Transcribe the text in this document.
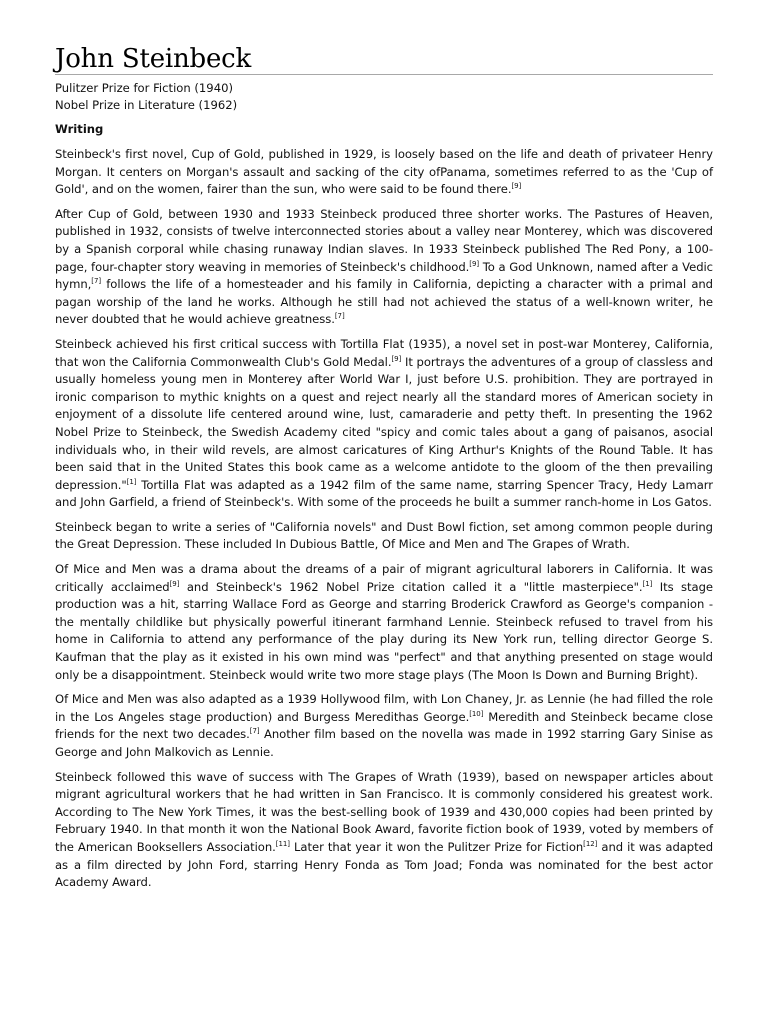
John Steinbeck

Pulitzer Prize for Fiction (1940)

Nobel Prize in Literature (1962)

Writing

Steinbeck's first novel, Cup of Gold, published in 1929, is loosely based on the life and death of privateer Henry Morgan. It centers on Morgan's assault and sacking of the city ofPanama, sometimes referred to as the 'Cup of Gold', and on the women, fairer than the sun, who were said to be found there.[9]

After Cup of Gold, between 1930 and 1933 Steinbeck produced three shorter works. The Pastures of Heaven, published in 1932, consists of twelve interconnected stories about a valley near Monterey, which was discovered by a Spanish corporal while chasing runaway Indian slaves. In 1933 Steinbeck published The Red Pony, a 100-page, four-chapter story weaving in memories of Steinbeck's childhood.[9] To a God Unknown, named after a Vedic hymn,[7] follows the life of a homesteader and his family in California, depicting a character with a primal and pagan worship of the land he works. Although he still had not achieved the status of a well-known writer, he never doubted that he would achieve greatness.[7]

Steinbeck achieved his first critical success with Tortilla Flat (1935), a novel set in post-war Monterey, California, that won the California Commonwealth Club's Gold Medal.[9] It portrays the adventures of a group of classless and usually homeless young men in Monterey after World War I, just before U.S. prohibition. They are portrayed in ironic comparison to mythic knights on a quest and reject nearly all the standard mores of American society in enjoyment of a dissolute life centered around wine, lust, camaraderie and petty theft. In presenting the 1962 Nobel Prize to Steinbeck, the Swedish Academy cited "spicy and comic tales about a gang of paisanos, asocial individuals who, in their wild revels, are almost caricatures of King Arthur's Knights of the Round Table. It has been said that in the United States this book came as a welcome antidote to the gloom of the then prevailing depression."[1] Tortilla Flat was adapted as a 1942 film of the same name, starring Spencer Tracy, Hedy Lamarr and John Garfield, a friend of Steinbeck's. With some of the proceeds he built a summer ranch-home in Los Gatos.

Steinbeck began to write a series of "California novels" and Dust Bowl fiction, set among common people during the Great Depression. These included In Dubious Battle, Of Mice and Men and The Grapes of Wrath.

Of Mice and Men was a drama about the dreams of a pair of migrant agricultural laborers in California. It was critically acclaimed[9] and Steinbeck's 1962 Nobel Prize citation called it a "little masterpiece".[1] Its stage production was a hit, starring Wallace Ford as George and starring Broderick Crawford as George's companion - the mentally childlike but physically powerful itinerant farmhand Lennie. Steinbeck refused to travel from his home in California to attend any performance of the play during its New York run, telling director George S. Kaufman that the play as it existed in his own mind was "perfect" and that anything presented on stage would only be a disappointment. Steinbeck would write two more stage plays (The Moon Is Down and Burning Bright).

Of Mice and Men was also adapted as a 1939 Hollywood film, with Lon Chaney, Jr. as Lennie (he had filled the role in the Los Angeles stage production) and Burgess Meredithas George.[10] Meredith and Steinbeck became close friends for the next two decades.[7] Another film based on the novella was made in 1992 starring Gary Sinise as George and John Malkovich as Lennie.

Steinbeck followed this wave of success with The Grapes of Wrath (1939), based on newspaper articles about migrant agricultural workers that he had written in San Francisco. It is commonly considered his greatest work. According to The New York Times, it was the best-selling book of 1939 and 430,000 copies had been printed by February 1940. In that month it won the National Book Award, favorite fiction book of 1939, voted by members of the American Booksellers Association.[11] Later that year it won the Pulitzer Prize for Fiction[12] and it was adapted as a film directed by John Ford, starring Henry Fonda as Tom Joad; Fonda was nominated for the best actor Academy Award.
